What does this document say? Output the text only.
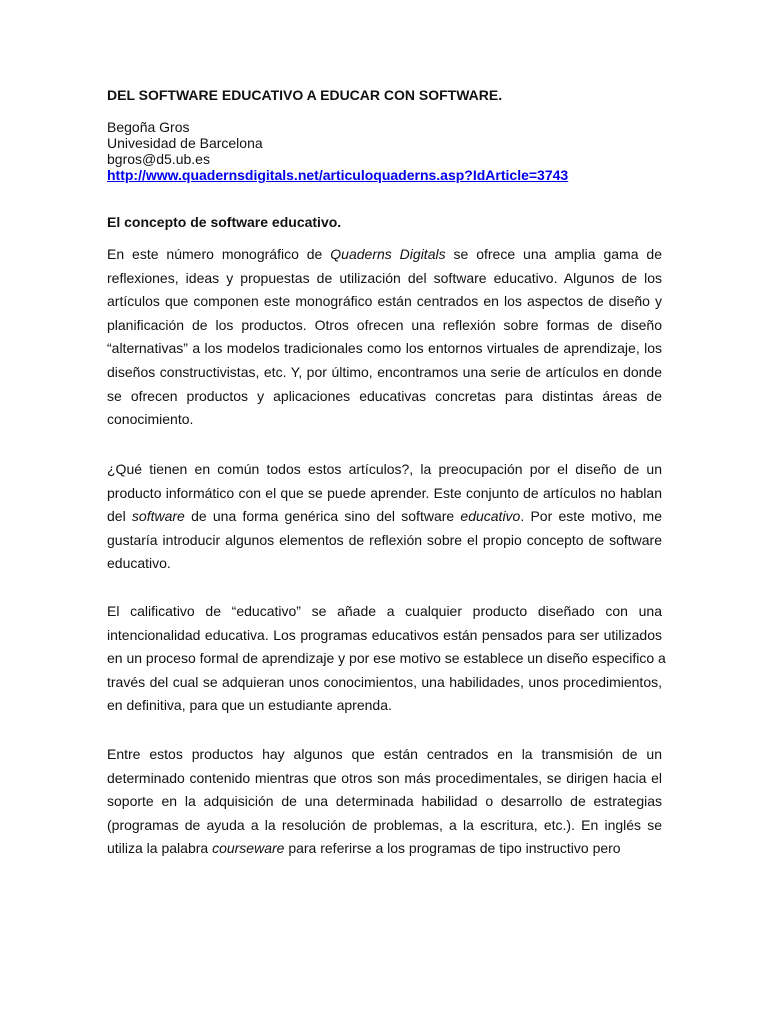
DEL SOFTWARE EDUCATIVO A EDUCAR CON SOFTWARE.
Begoña Gros
Univesidad de Barcelona
bgros@d5.ub.es
http://www.quadernsdigitals.net/articuloquaderns.asp?IdArticle=3743
El concepto de software educativo.
En este número monográfico de Quaderns Digitals se ofrece una amplia gama de
reflexiones, ideas y propuestas de utilización del software educativo. Algunos de los
artículos que componen este monográfico están centrados en los aspectos de diseño y
planificación de los productos. Otros ofrecen una reflexión sobre formas de diseño
“alternativas” a los modelos tradicionales como los entornos virtuales de aprendizaje, los
diseños constructivistas, etc. Y, por último, encontramos una serie de artículos en donde
se ofrecen productos y aplicaciones educativas concretas para distintas áreas de
conocimiento.
¿Qué tienen en común todos estos artículos?, la preocupación por el diseño de un
producto informático con el que se puede aprender. Este conjunto de artículos no hablan
del software de una forma genérica sino del software educativo. Por este motivo, me
gustaría introducir algunos elementos de reflexión sobre el propio concepto de software
educativo.
El calificativo de “educativo” se añade a cualquier producto diseñado con una
intencionalidad educativa. Los programas educativos están pensados para ser utilizados
en un proceso formal de aprendizaje y por ese motivo se establece un diseño especifico a
través del cual se adquieran unos conocimientos, una habilidades, unos procedimientos,
en definitiva, para que un estudiante aprenda.
Entre estos productos hay algunos que están centrados en la transmisión de un
determinado contenido mientras que otros son más procedimentales, se dirigen hacia el
soporte en la adquisición de una determinada habilidad o desarrollo de estrategias
(programas de ayuda a la resolución de problemas, a la escritura, etc.). En inglés se
utiliza la palabra courseware para referirse a los programas de tipo instructivo pero
